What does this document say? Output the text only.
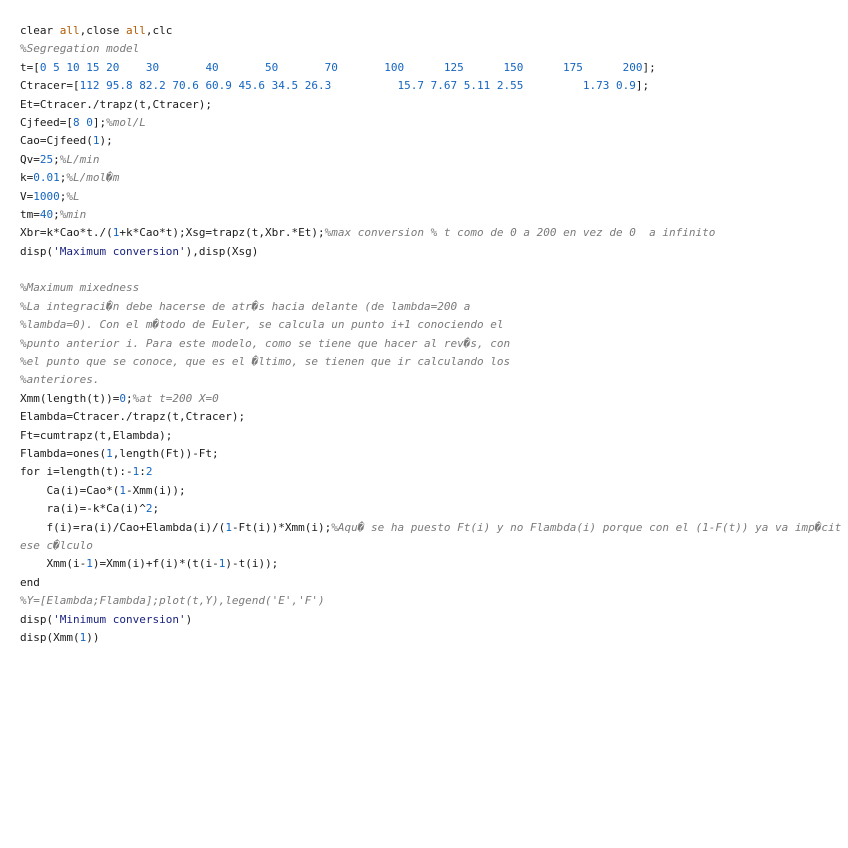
clear all,close all,clc
%Segregation model
t=[0 5 10 15 20    30       40       50       70       100      125      150      175      200];
Ctracer=[112 95.8 82.2 70.6 60.9 45.6 34.5 26.3          15.7 7.67 5.11 2.55         1.73 0.9];
Et=Ctracer./trapz(t,Ctracer);
Cjfeed=[8 0];%mol/L
Cao=Cjfeed(1);
Qv=25;%L/min
k=0.01;%L/mol�m
V=1000;%L
tm=40;%min
Xbr=k*Cao*t./(1+k*Cao*t);Xsg=trapz(t,Xbr.*Et);%max conversion % t como de 0 a 200 en vez de 0  a infinito
disp('Maximum conversion'),disp(Xsg)
%Maximum mixedness
%La integraci�n debe hacerse de atr�s hacia delante (de lambda=200 a
%lambda=0). Con el m�todo de Euler, se calcula un punto i+1 conociendo el
%punto anterior i. Para este modelo, como se tiene que hacer al rev�s, con
%el punto que se conoce, que es el �ltimo, se tienen que ir calculando los
%anteriores.
Xmm(length(t))=0;%at t=200 X=0
Elambda=Ctracer./trapz(t,Ctracer);
Ft=cumtrapz(t,Elambda);
Flambda=ones(1,length(Ft))-Ft;
for i=length(t):-1:2
Ca(i)=Cao*(1-Xmm(i));
ra(i)=-k*Ca(i)^2;
f(i)=ra(i)/Cao+Elambda(i)/(1-Ft(i))*Xmm(i);%Aqu� se ha puesto Ft(i) y no Flambda(i) porque con el (1-F(t)) ya va imp�cit
ese c�lculo
Xmm(i-1)=Xmm(i)+f(i)*(t(i-1)-t(i));
end
%Y=[Elambda;Flambda];plot(t,Y),legend('E','F')
disp('Minimum conversion')
disp(Xmm(1))
